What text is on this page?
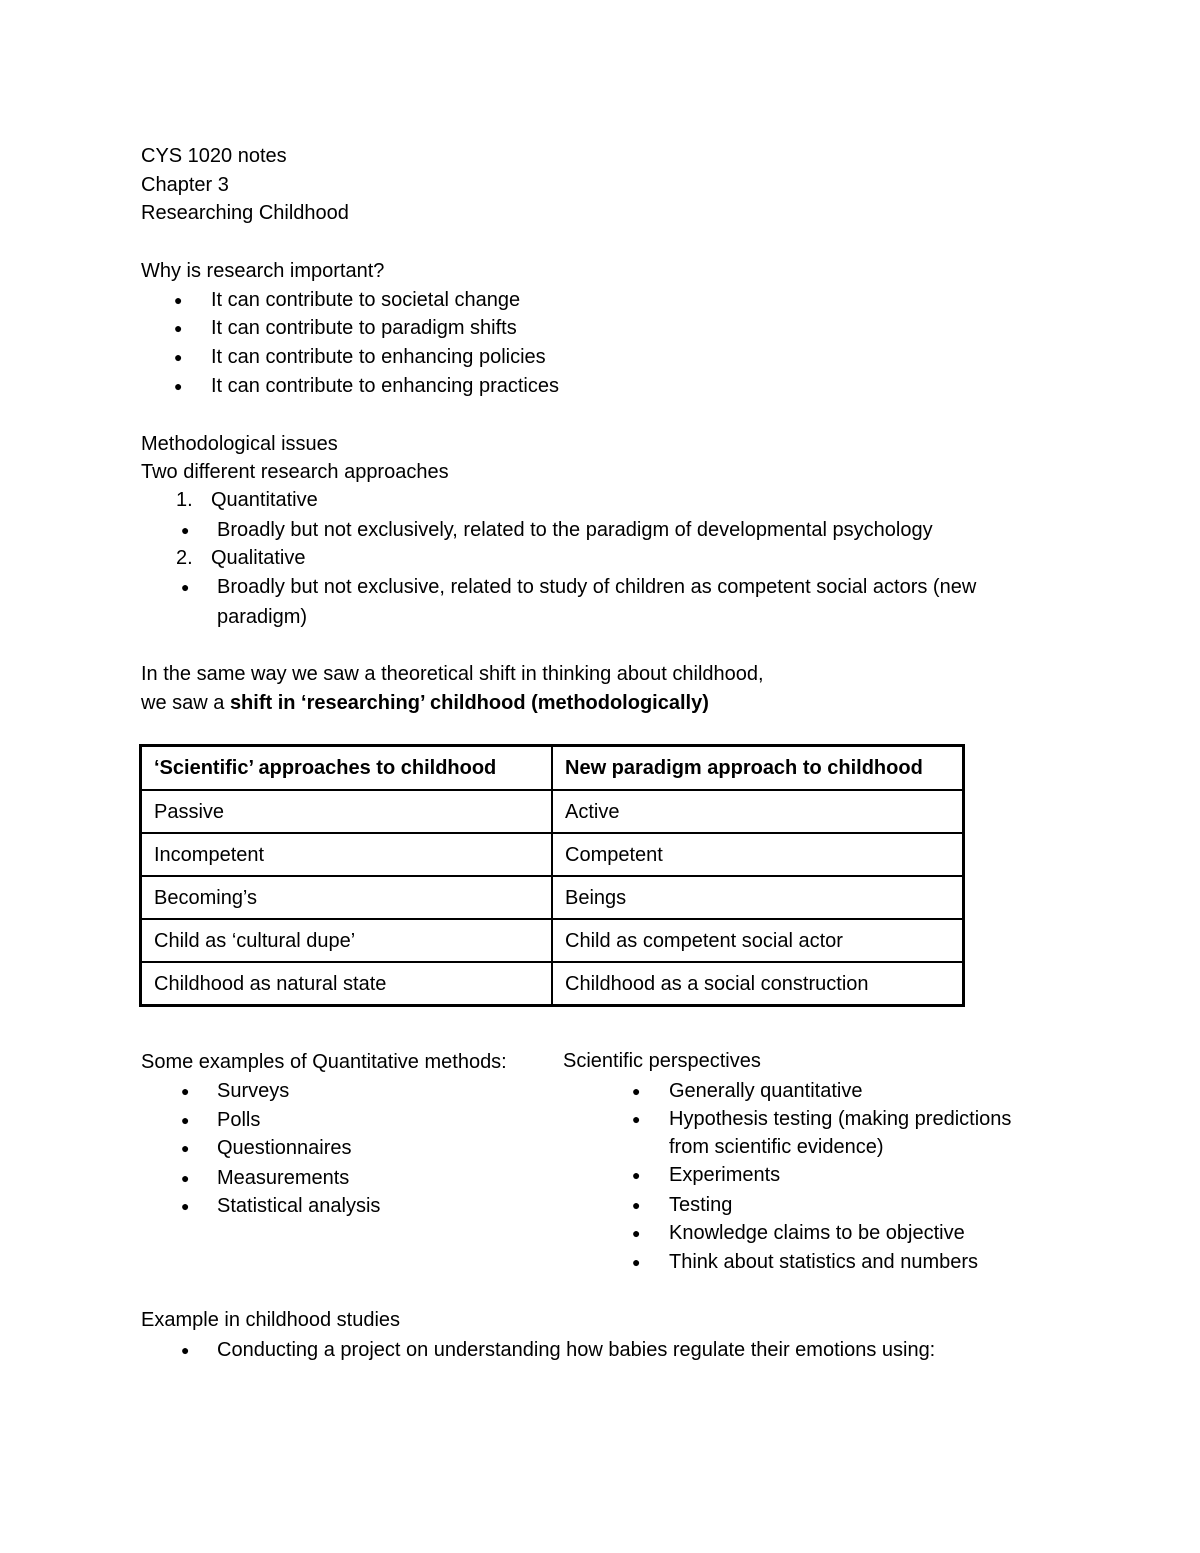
CYS 1020 notes
Chapter 3
Researching Childhood
Why is research important?
● It can contribute to societal change
● It can contribute to paradigm shifts
● It can contribute to enhancing policies
● It can contribute to enhancing practices
Methodological issues
Two different research approaches
1. Quantitative
● Broadly but not exclusively, related to the paradigm of developmental psychology
2. Qualitative
● Broadly but not exclusive, related to study of children as competent social actors (new
paradigm)
In the same way we saw a theoretical shift in thinking about childhood,
we saw a shift in ‘researching’ childhood (methodologically)
‘Scientific’ approaches to childhood	New paradigm approach to childhood
Passive	Active
Incompetent	Competent
Becoming’s	Beings
Child as ‘cultural dupe’	Child as competent social actor
Childhood as natural state	Childhood as a social construction
Some examples of Quantitative methods:
● Surveys
● Polls
● Questionnaires
● Measurements
● Statistical analysis
Scientific perspectives
● Generally quantitative
● Hypothesis testing (making predictions
from scientific evidence)
● Experiments
● Testing
● Knowledge claims to be objective
● Think about statistics and numbers
Example in childhood studies
● Conducting a project on understanding how babies regulate their emotions using:
